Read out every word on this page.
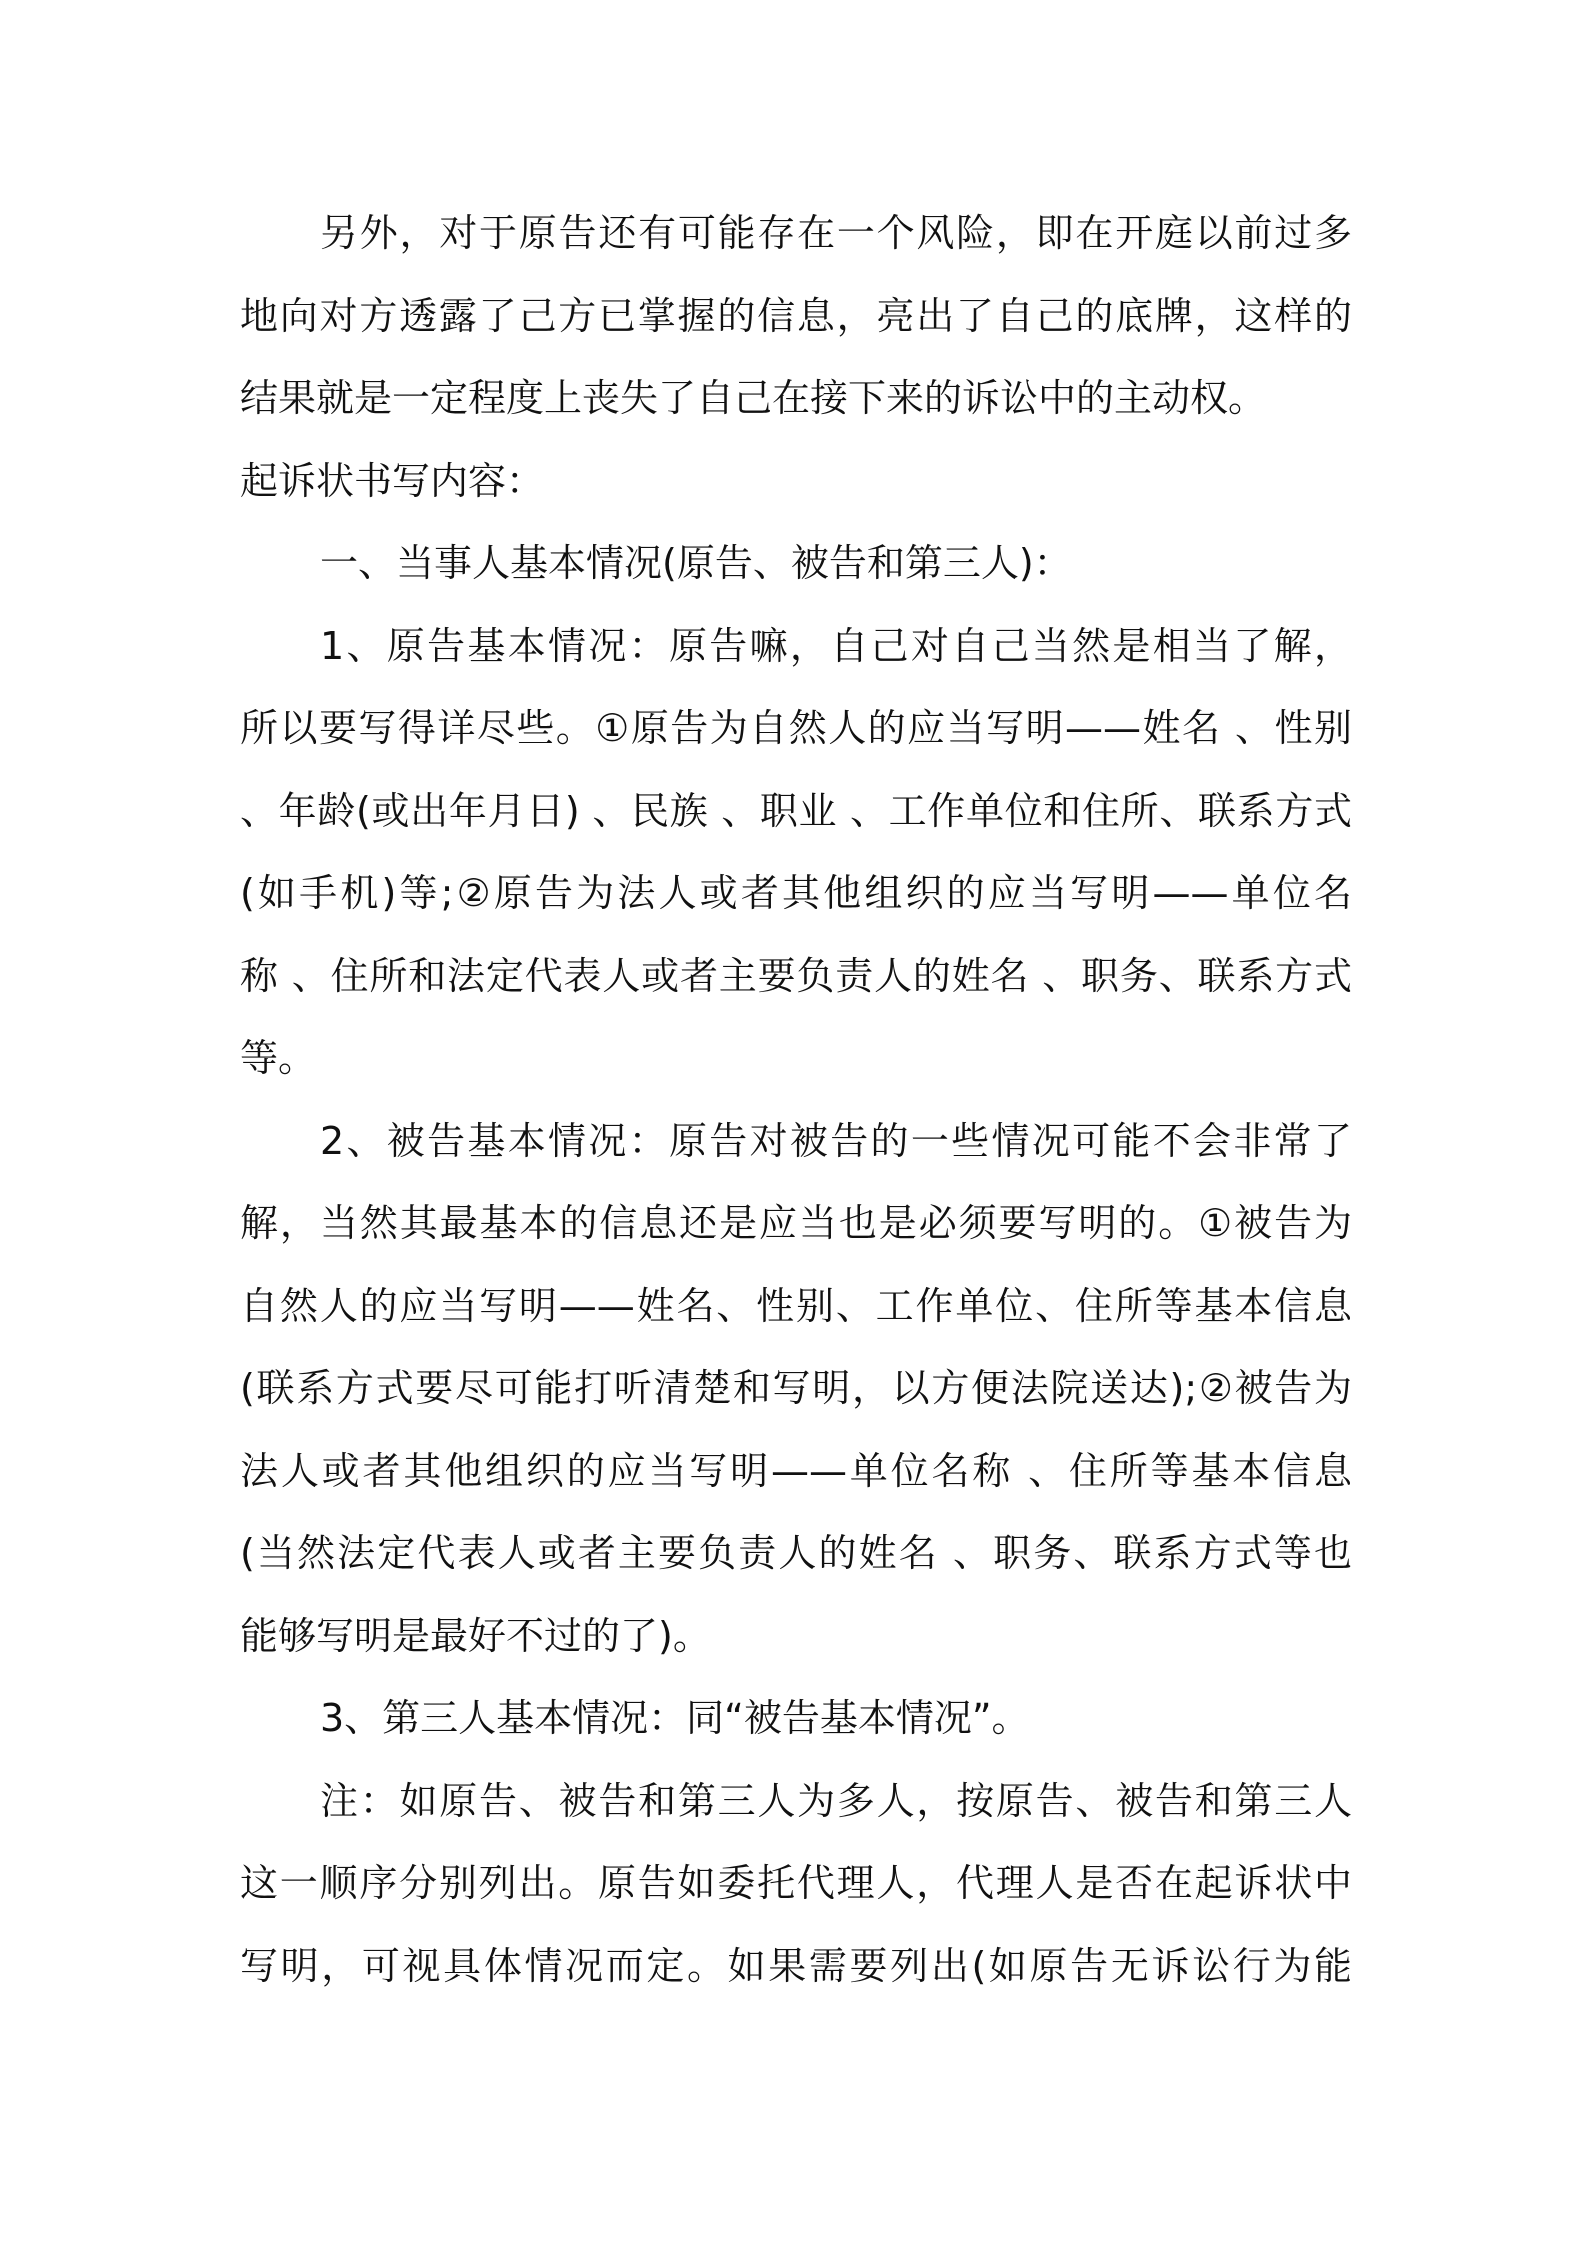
另外，对于原告还有可能存在一个风险，即在开庭以前过多
地向对方透露了己方已掌握的信息，亮出了自己的底牌，这样的
结果就是一定程度上丧失了自己在接下来的诉讼中的主动权。
起诉状书写内容：
一、当事人基本情况(原告、被告和第三人)：
1、原告基本情况：原告嘛，自己对自己当然是相当了解，
所以要写得详尽些。①原告为自然人的应当写明——姓名 、性别
、年龄(或出年月日) 、民族 、职业 、工作单位和住所、联系方式
(如手机)等;②原告为法人或者其他组织的应当写明——单位名
称 、住所和法定代表人或者主要负责人的姓名 、职务、联系方式
等。
2、被告基本情况：原告对被告的一些情况可能不会非常了
解，当然其最基本的信息还是应当也是必须要写明的。①被告为
自然人的应当写明——姓名、性别、工作单位、住所等基本信息
(联系方式要尽可能打听清楚和写明，以方便法院送达);②被告为
法人或者其他组织的应当写明——单位名称 、住所等基本信息
(当然法定代表人或者主要负责人的姓名 、职务、联系方式等也
能够写明是最好不过的了)。
3、第三人基本情况：同“被告基本情况”。
注：如原告、被告和第三人为多人，按原告、被告和第三人
这一顺序分别列出。原告如委托代理人，代理人是否在起诉状中
写明，可视具体情况而定。如果需要列出(如原告无诉讼行为能
